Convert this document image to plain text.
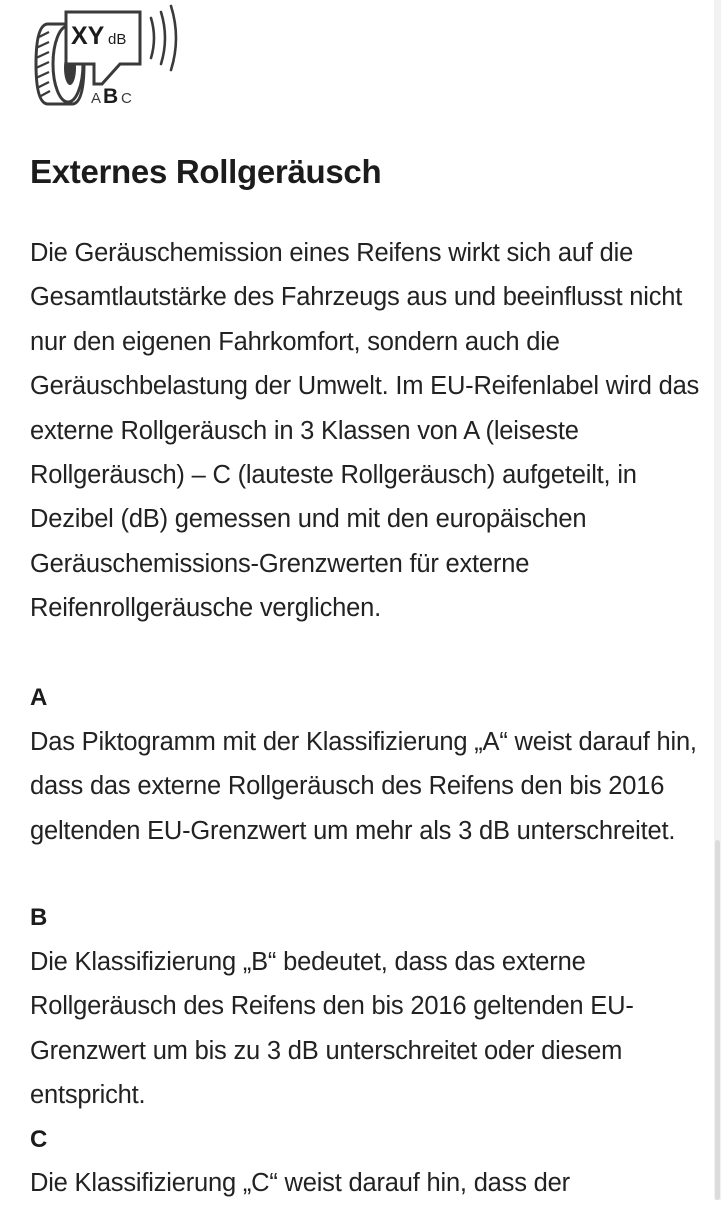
XY dB
A B C
Externes Rollgeräusch

Die Geräuschemission eines Reifens wirkt sich auf die Gesamtlautstärke des Fahrzeugs aus und beeinflusst nicht nur den eigenen Fahrkomfort, sondern auch die Geräuschbelastung der Umwelt. Im EU-Reifenlabel wird das externe Rollgeräusch in 3 Klassen von A (leiseste Rollgeräusch) – C (lauteste Rollgeräusch) aufgeteilt, in Dezibel (dB) gemessen und mit den europäischen Geräuschemissions-Grenzwerten für externe Reifenrollgeräusche verglichen.

A

Das Piktogramm mit der Klassifizierung „A“ weist darauf hin, dass das externe Rollgeräusch des Reifens den bis 2016 geltenden EU-Grenzwert um mehr als 3 dB unterschreitet.

B

Die Klassifizierung „B“ bedeutet, dass das externe Rollgeräusch des Reifens den bis 2016 geltenden EU-Grenzwert um bis zu 3 dB unterschreitet oder diesem entspricht.

C

Die Klassifizierung „C“ weist darauf hin, dass der
